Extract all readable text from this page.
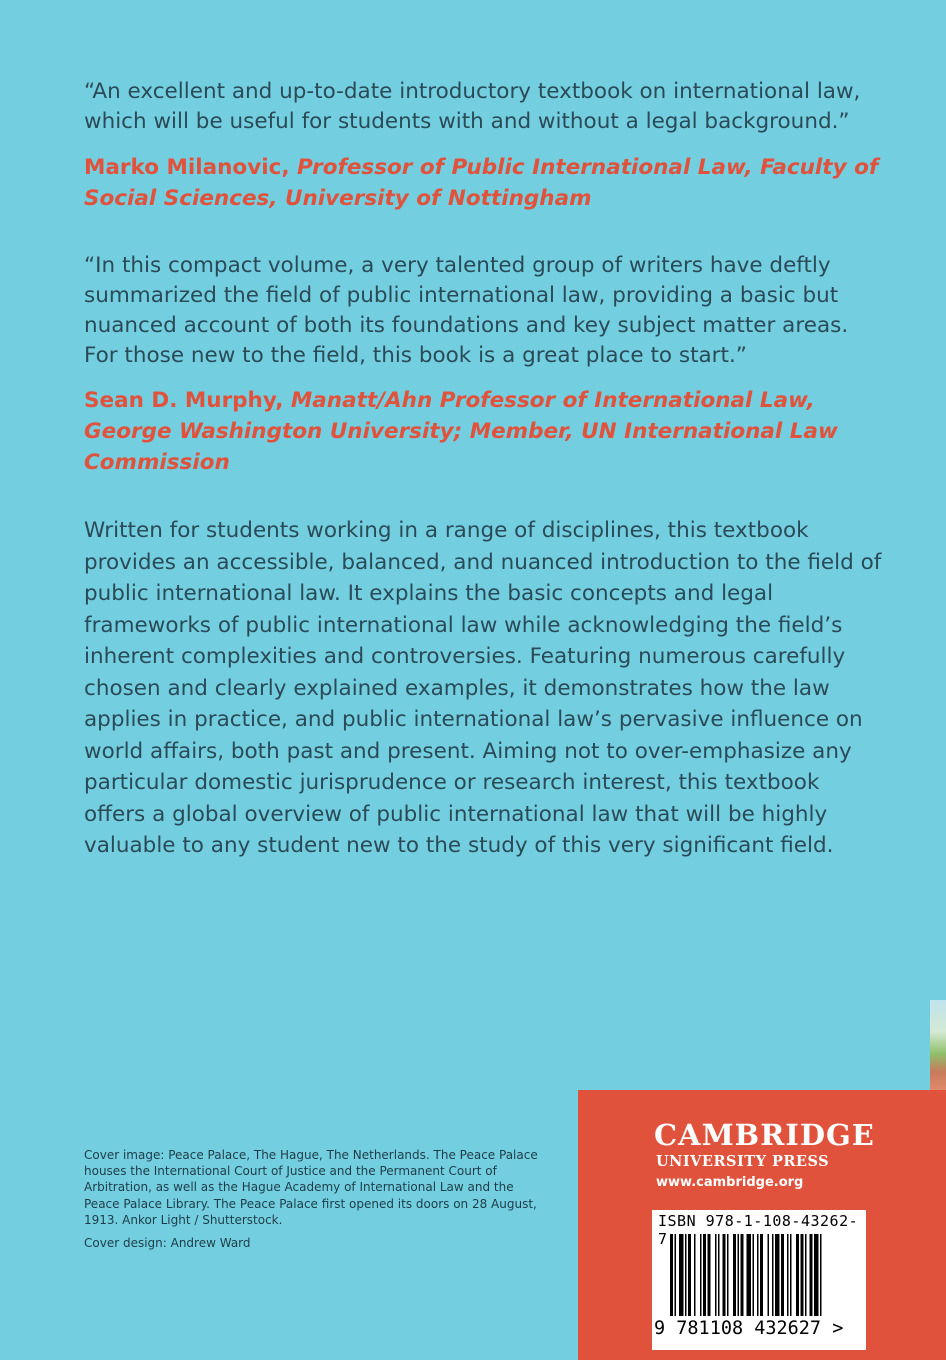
“An excellent and up-to-date introductory textbook on international law, which will be useful for students with and without a legal background.”

Marko Milanovic, Professor of Public International Law, Faculty of Social Sciences, University of Nottingham

“In this compact volume, a very talented group of writers have deftly summarized the field of public international law, providing a basic but nuanced account of both its foundations and key subject matter areas. For those new to the field, this book is a great place to start.”

Sean D. Murphy, Manatt/Ahn Professor of International Law, George Washington University; Member, UN International Law Commission

Written for students working in a range of disciplines, this textbook provides an accessible, balanced, and nuanced introduction to the field of public international law. It explains the basic concepts and legal frameworks of public international law while acknowledging the field’s inherent complexities and controversies. Featuring numerous carefully chosen and clearly explained examples, it demonstrates how the law applies in practice, and public international law’s pervasive influence on world affairs, both past and present. Aiming not to over-emphasize any particular domestic jurisprudence or research interest, this textbook offers a global overview of public international law that will be highly valuable to any student new to the study of this very significant field.

Cover image: Peace Palace, The Hague, The Netherlands. The Peace Palace houses the International Court of Justice and the Permanent Court of Arbitration, as well as the Hague Academy of International Law and the Peace Palace Library. The Peace Palace first opened its doors on 28 August, 1913. Ankor Light / Shutterstock.

Cover design: Andrew Ward
CAMBRIDGE
UNIVERSITY PRESS
www.cambridge.org
ISBN 978-1-108-43262-7
9 781108 432627 >
